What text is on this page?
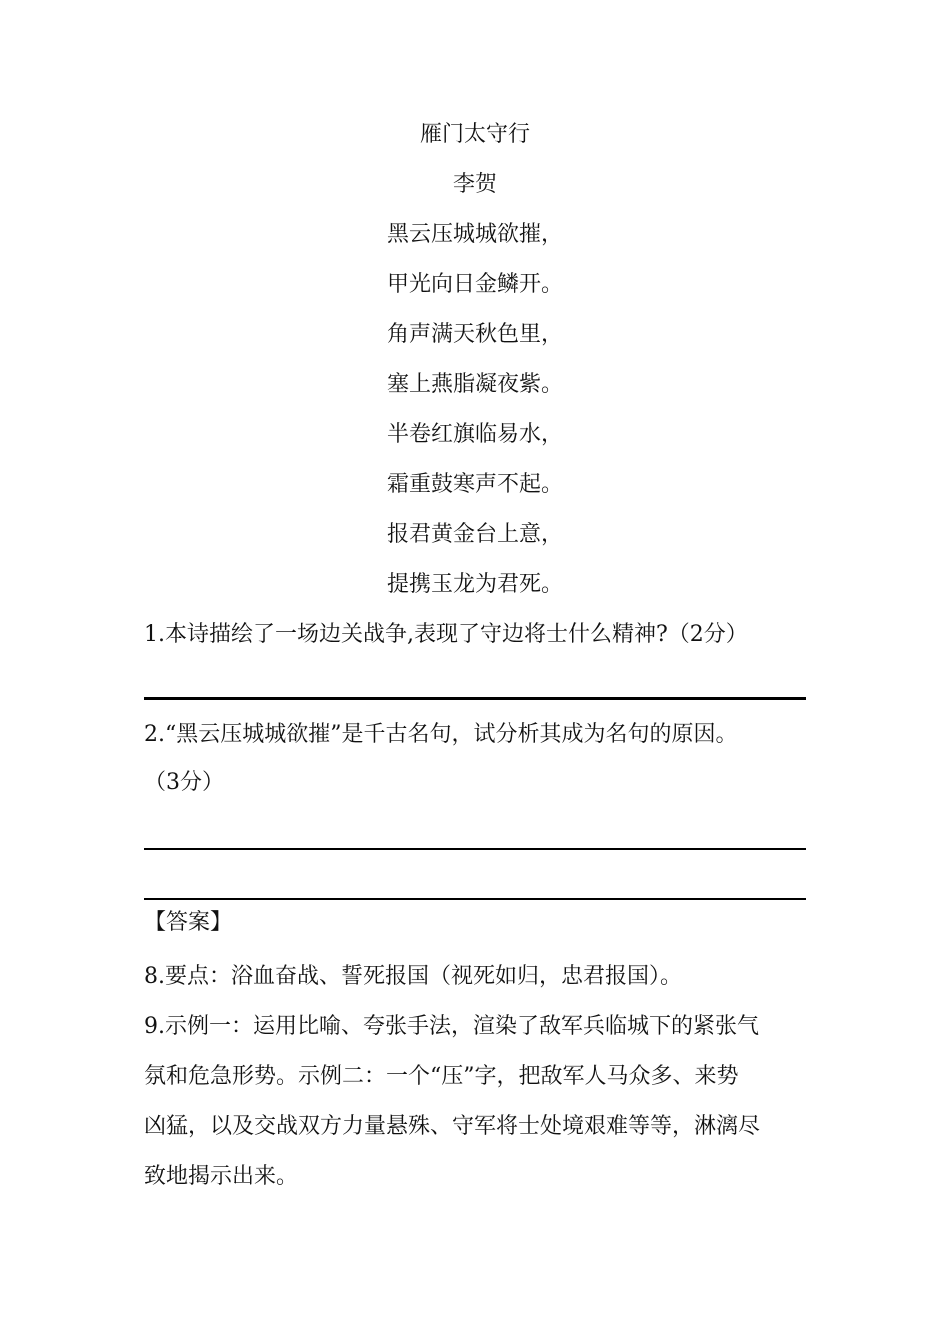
雁门太守行
李贺
黑云压城城欲摧，
甲光向日金鳞开。
角声满天秋色里，
塞上燕脂凝夜紫。
半卷红旗临易水，
霜重鼓寒声不起。
报君黄金台上意，
提携玉龙为君死。
1.本诗描绘了一场边关战争,表现了守边将士什么精神?（2分）
2.“黑云压城城欲摧”是千古名句，试分析其成为名句的原因。
（3分）
【答案】
8.要点：浴血奋战、誓死报国（视死如归，忠君报国）。
9.示例一：运用比喻、夸张手法，渲染了敌军兵临城下的紧张气
氛和危急形势。示例二：一个“压”字，把敌军人马众多、来势
凶猛，以及交战双方力量悬殊、守军将士处境艰难等等，淋漓尽
致地揭示出来。
